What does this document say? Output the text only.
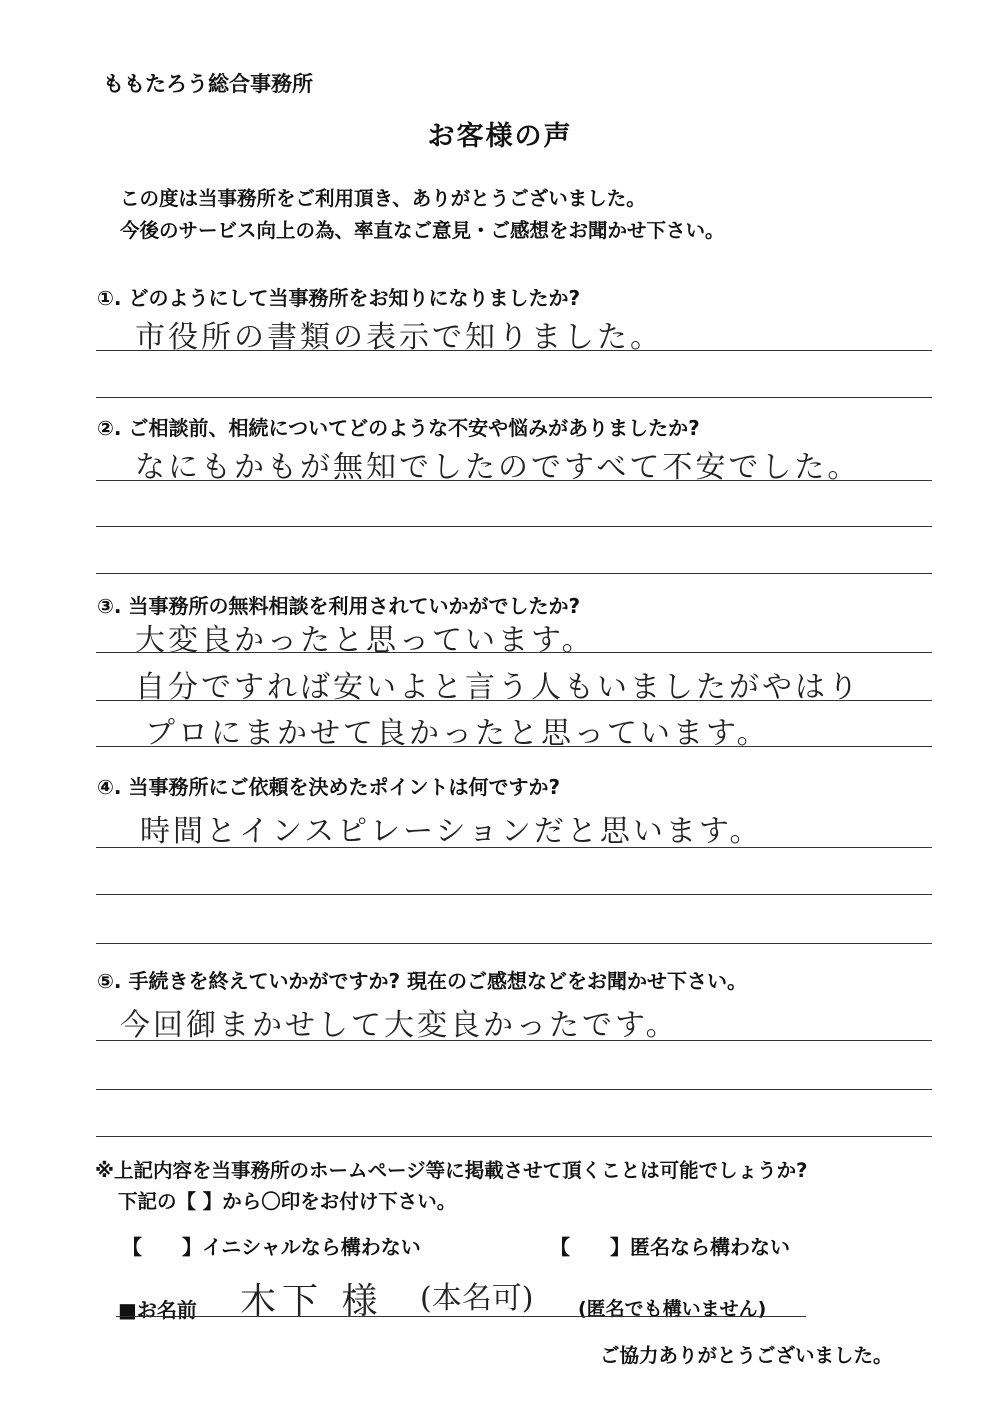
ももたろう総合事務所
お客様の声
この度は当事務所をご利用頂き、ありがとうございました。
今後のサービス向上の為、率直なご意見・ご感想をお聞かせ下さい。
①. どのようにして当事務所をお知りになりましたか?
市役所の書類の表示で知りました。
②. ご相談前、相続についてどのような不安や悩みがありましたか?
なにもかもが無知でしたのですべて不安でした。
③. 当事務所の無料相談を利用されていかがでしたか?
大変良かったと思っています。
自分ですれば安いよと言う人もいましたがやはり
プロにまかせて良かったと思っています。
④. 当事務所にご依頼を決めたポイントは何ですか?
時間とインスピレーションだと思います。
⑤. 手続きを終えていかがですか? 現在のご感想などをお聞かせ下さい。
今回御まかせして大変良かったです。
※上記内容を当事務所のホームページ等に掲載させて頂くことは可能でしょうか?
下記の【 】から〇印をお付け下さい。
【　　】イニシャルなら構わない	【　　】匿名なら構わない
■お名前 木下 様 (本名可) (匿名でも構いません)
ご協力ありがとうございました。
